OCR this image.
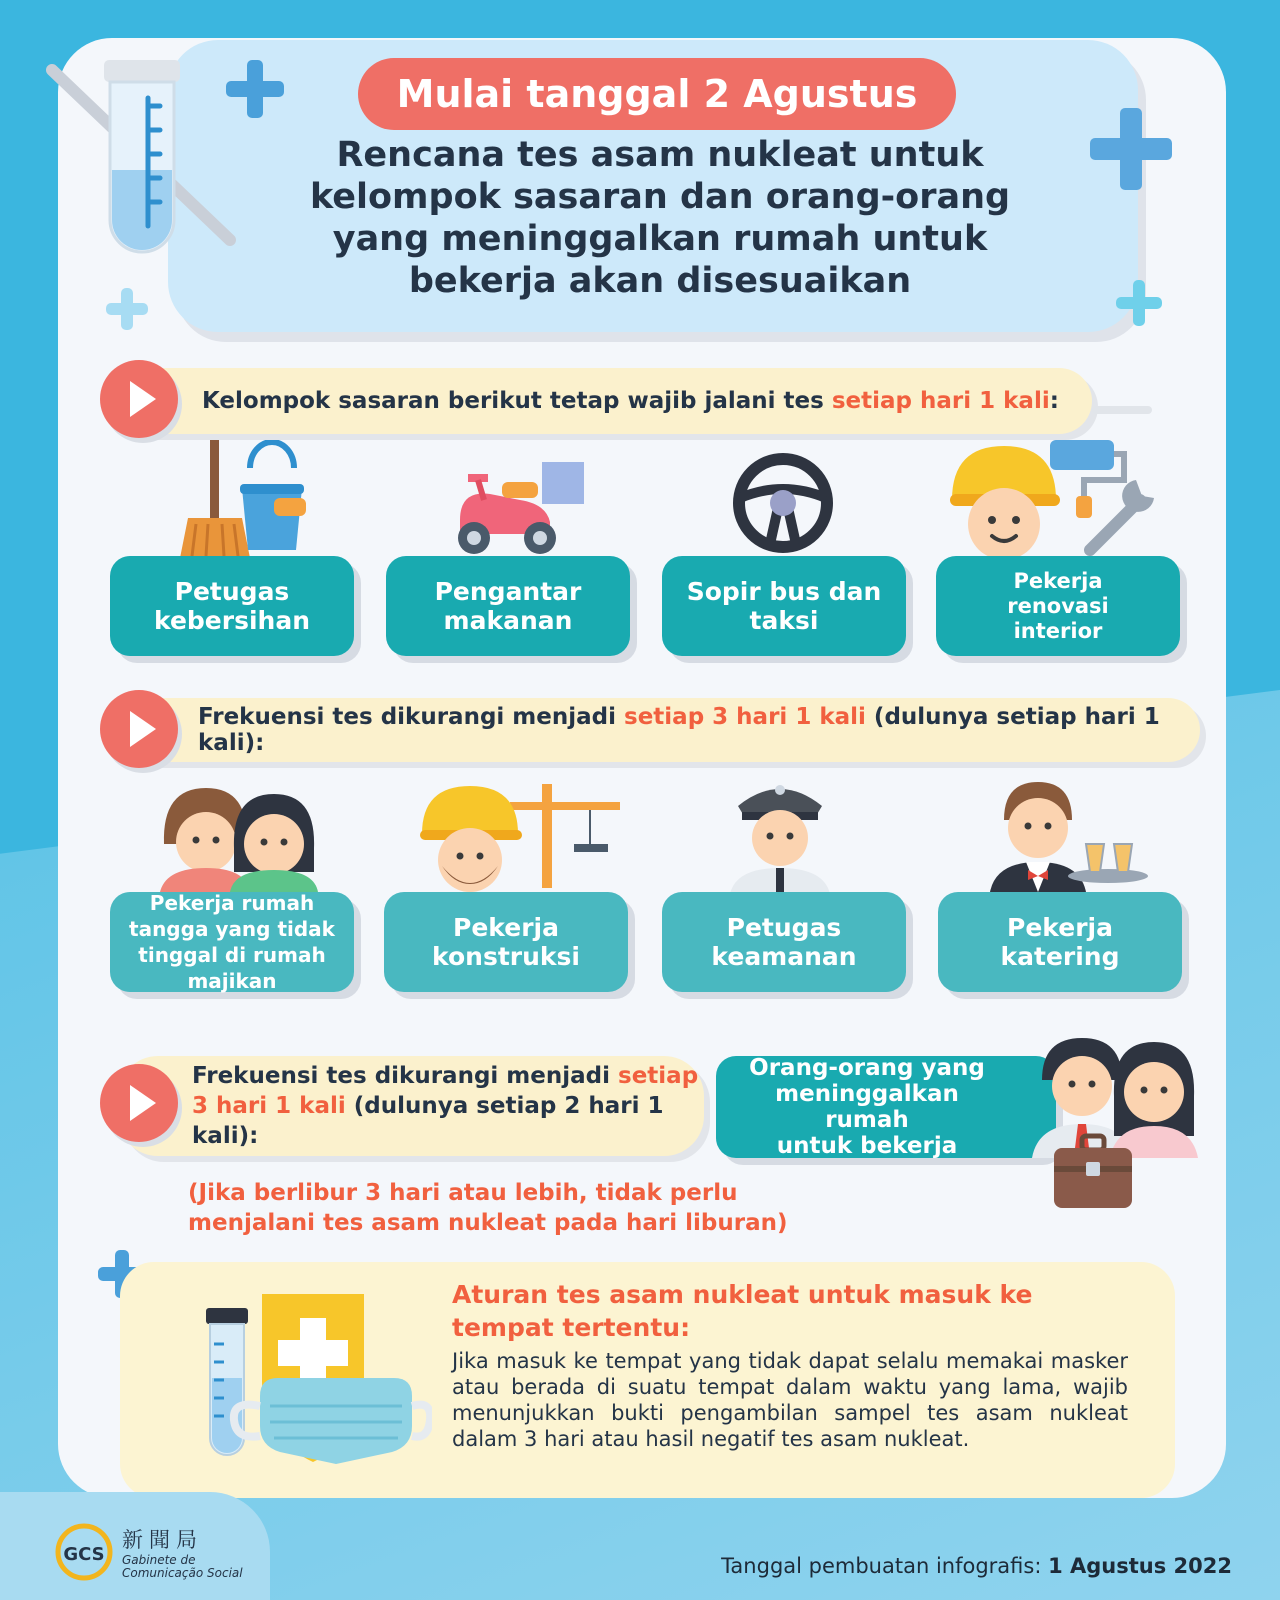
Mulai tanggal 2 Agustus
Rencana tes asam nukleat untuk
kelompok sasaran dan orang-orang
yang meninggalkan rumah untuk
bekerja akan disesuaikan
Kelompok sasaran berikut tetap wajib jalani tes setiap hari 1 kali:
Petugas
kebersihan
Pengantar
makanan
Sopir bus dan
taksi
Pekerja
renovasi
interior
Frekuensi tes dikurangi menjadi setiap 3 hari 1 kali (dulunya setiap hari 1 kali):
Pekerja rumah
tangga yang tidak
tinggal di rumah
majikan
Pekerja
konstruksi
Petugas
keamanan
Pekerja
katering
Frekuensi tes dikurangi menjadi setiap
3 hari 1 kali (dulunya setiap 2 hari 1 kali):
Orang-orang yang
meninggalkan rumah
untuk bekerja
(Jika berlibur 3 hari atau lebih, tidak perlu
menjalani tes asam nukleat pada hari liburan)
Aturan tes asam nukleat untuk masuk ke
tempat tertentu:
Jika masuk ke tempat yang tidak dapat selalu memakai masker atau berada di suatu tempat dalam waktu yang lama, wajib menunjukkan bukti pengambilan sampel tes asam nukleat dalam 3 hari atau hasil negatif tes asam nukleat.
GCS
新聞局
Gabinete de
Comunicação Social	Tanggal pembuatan infografis: 1 Agustus 2022
